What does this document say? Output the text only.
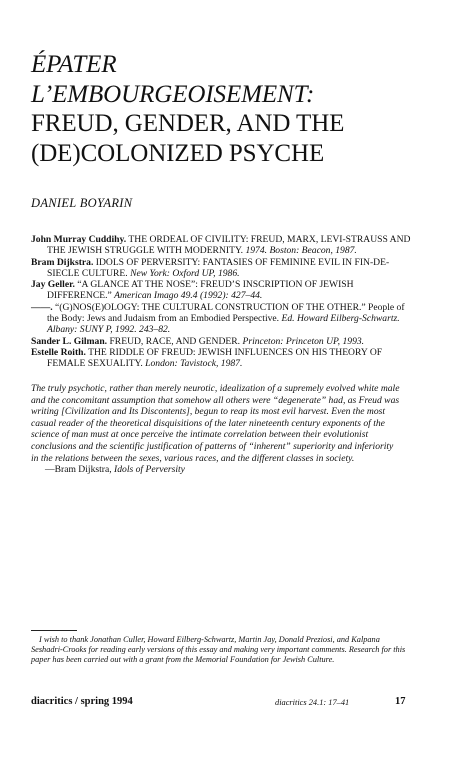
ÉPATER
L’EMBOURGEOISEMENT:
FREUD, GENDER, AND THE
(DE)COLONIZED PSYCHE
DANIEL BOYARIN

John Murray Cuddihy. THE ORDEAL OF CIVILITY: FREUD, MARX, LEVI-STRAUSS AND THE JEWISH STRUGGLE WITH MODERNITY. 1974. Boston: Beacon, 1987.

Bram Dijkstra. IDOLS OF PERVERSITY: FANTASIES OF FEMININE EVIL IN FIN-DE-SIECLE CULTURE. New York: Oxford UP, 1986.

Jay Geller. “A GLANCE AT THE NOSE”: FREUD’S INSCRIPTION OF JEWISH DIFFERENCE.” American Imago 49.4 (1992): 427–44.

——. “(G)NOS(E)OLOGY: THE CULTURAL CONSTRUCTION OF THE OTHER.” People of the Body: Jews and Judaism from an Embodied Perspective. Ed. Howard Eilberg-Schwartz. Albany: SUNY P, 1992. 243–82.

Sander L. Gilman. FREUD, RACE, AND GENDER. Princeton: Princeton UP, 1993.

Estelle Roith. THE RIDDLE OF FREUD: JEWISH INFLUENCES ON HIS THEORY OF FEMALE SEXUALITY. London: Tavistock, 1987.

The truly psychotic, rather than merely neurotic, idealization of a supremely evolved white male and the concomitant assumption that somehow all others were “degenerate” had, as Freud was writing [Civilization and Its Discontents], begun to reap its most evil harvest. Even the most casual reader of the theoretical disquisitions of the later nineteenth century exponents of the science of man must at once perceive the intimate correlation between their evolutionist conclusions and the scientific justification of patterns of “inherent” superiority and inferiority in the relations between the sexes, various races, and the different classes in society.
—Bram Dijkstra, Idols of Perversity
I wish to thank Jonathan Culler, Howard Eilberg-Schwartz, Martin Jay, Donald Preziosi, and Kalpana Seshadri-Crooks for reading early versions of this essay and making very important comments. Research for this paper has been carried out with a grant from the Memorial Foundation for Jewish Culture.
diacritics / spring 1994	diacritics 24.1: 17–41	17
